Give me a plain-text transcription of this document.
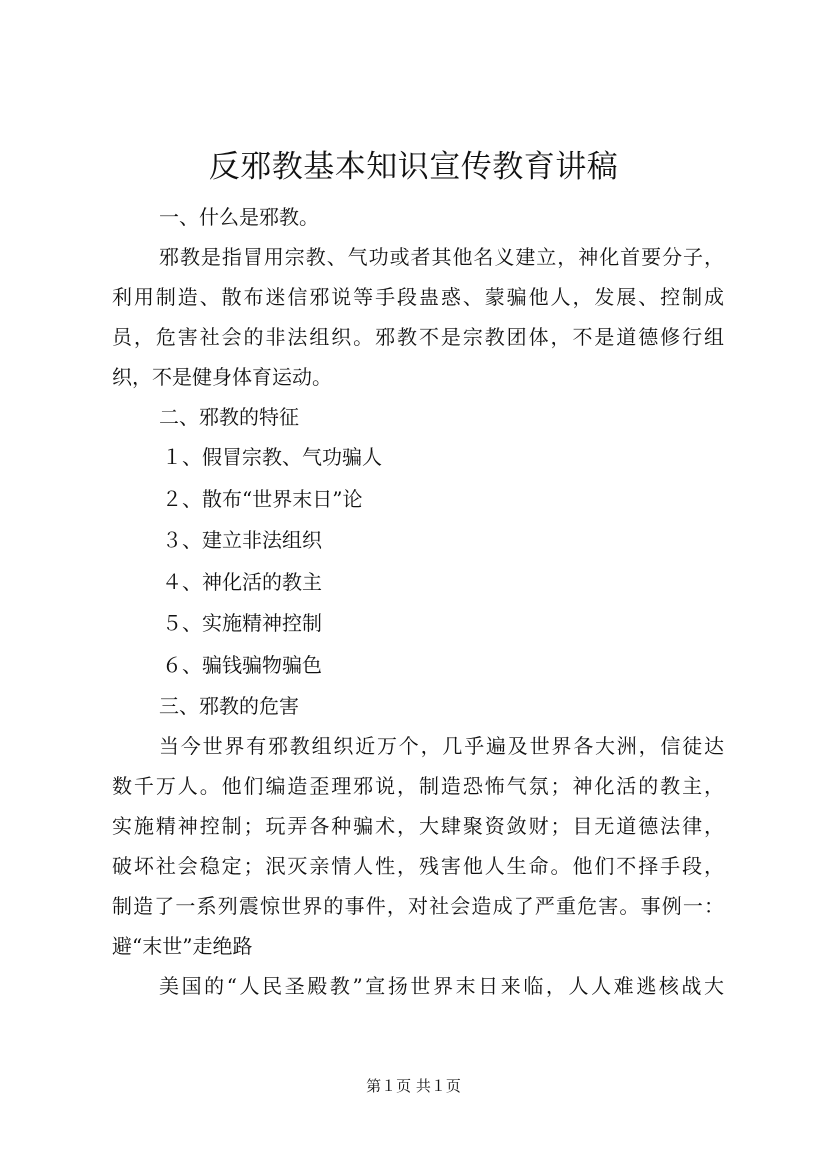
反邪教基本知识宣传教育讲稿
一、什么是邪教。
邪教是指冒用宗教、气功或者其他名义建立，神化首要分子，
利用制造、散布迷信邪说等手段蛊惑、蒙骗他人，发展、控制成
员，危害社会的非法组织。邪教不是宗教团体，不是道德修行组
织，不是健身体育运动。
二、邪教的特征
１、假冒宗教、气功骗人
２、散布“世界末日”论
３、建立非法组织
４、神化活的教主
５、实施精神控制
６、骗钱骗物骗色
三、邪教的危害
当今世界有邪教组织近万个，几乎遍及世界各大洲，信徒达
数千万人。他们编造歪理邪说，制造恐怖气氛；神化活的教主，
实施精神控制；玩弄各种骗术，大肆聚资敛财；目无道德法律，
破坏社会稳定；泯灭亲情人性，残害他人生命。他们不择手段，
制造了一系列震惊世界的事件，对社会造成了严重危害。事例一：
避“末世”走绝路
美国的“人民圣殿教”宣扬世界末日来临，人人难逃核战大
第１页 共１页
